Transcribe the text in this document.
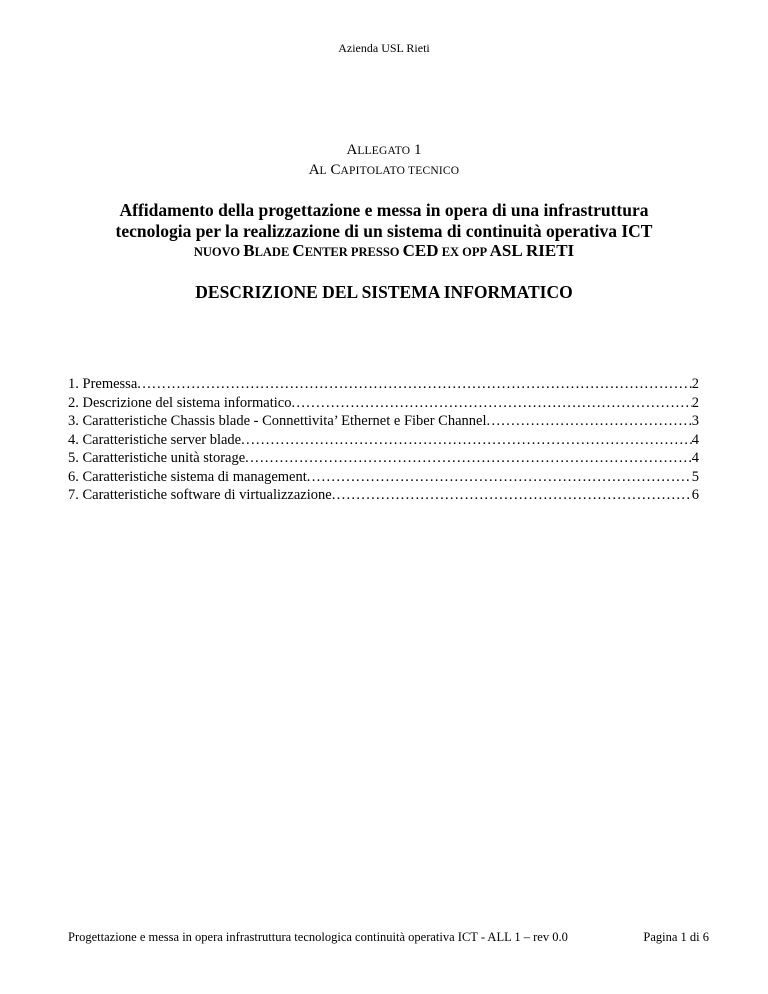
Azienda USL Rieti
ALLEGATO 1
AL CAPITOLATO TECNICO
Affidamento della progettazione e messa in opera di una infrastruttura
tecnologia per la realizzazione di un sistema di continuità operativa ICT
NUOVO BLADE CENTER PRESSO CED EX OPP ASL RIETI
DESCRIZIONE DEL SISTEMA INFORMATICO
1. Premessa .....	2
2. Descrizione del sistema informatico .....	2
3. Caratteristiche Chassis blade - Connettivita’ Ethernet e Fiber Channel .....	3
4. Caratteristiche server blade .....	4
5. Caratteristiche unità storage .....	4
6. Caratteristiche sistema di management .....	5
7. Caratteristiche software di virtualizzazione .....	6
Progettazione e messa in opera infrastruttura tecnologica continuità operativa ICT - ALL 1 – rev 0.0	Pagina 1 di 6
